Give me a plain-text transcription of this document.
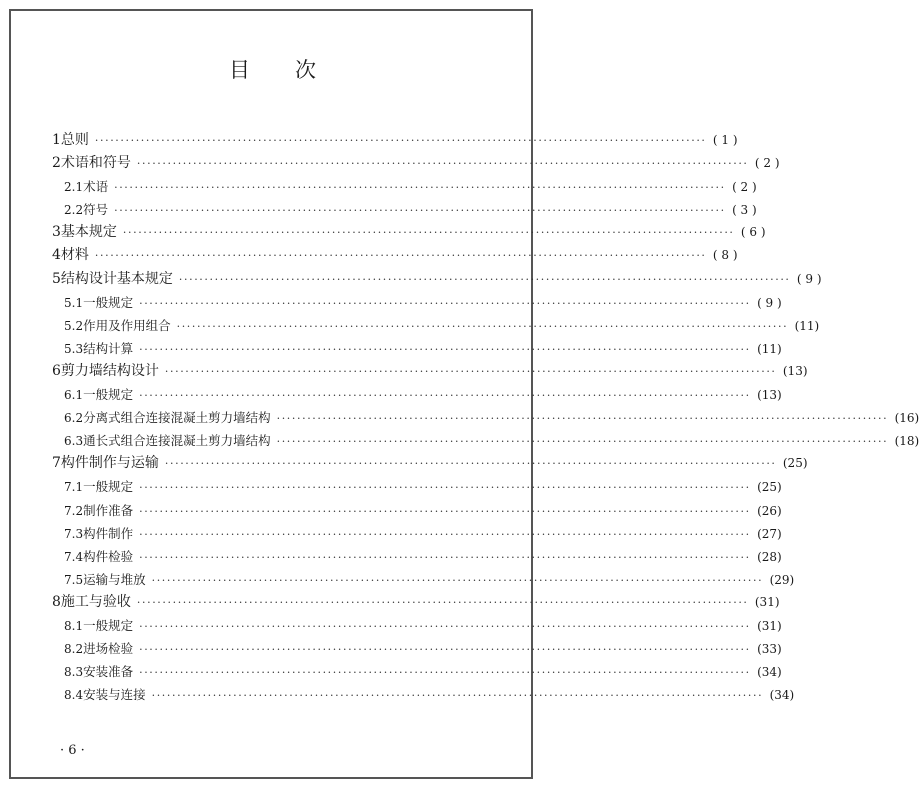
目 次
1 总则 ························································································································ ( 1 )
2 术语和符号 ························································································································ ( 2 )
2.1 术语 ························································································································ ( 2 )
2.2 符号 ························································································································ ( 3 )
3 基本规定 ························································································································ ( 6 )
4 材料 ························································································································ ( 8 )
5 结构设计基本规定 ························································································································ ( 9 )
5.1 一般规定 ························································································································ ( 9 )
5.2 作用及作用组合 ························································································································ (11)
5.3 结构计算 ························································································································ (11)
6 剪力墙结构设计 ························································································································ (13)
6.1 一般规定 ························································································································ (13)
6.2 分离式组合连接混凝土剪力墙结构 ························································································································ (16)
6.3 通长式组合连接混凝土剪力墙结构 ························································································································ (18)
7 构件制作与运输 ························································································································ (25)
7.1 一般规定 ························································································································ (25)
7.2 制作准备 ························································································································ (26)
7.3 构件制作 ························································································································ (27)
7.4 构件检验 ························································································································ (28)
7.5 运输与堆放 ························································································································ (29)
8 施工与验收 ························································································································ (31)
8.1 一般规定 ························································································································ (31)
8.2 进场检验 ························································································································ (33)
8.3 安装准备 ························································································································ (34)
8.4 安装与连接 ························································································································ (34)
· 6 ·
